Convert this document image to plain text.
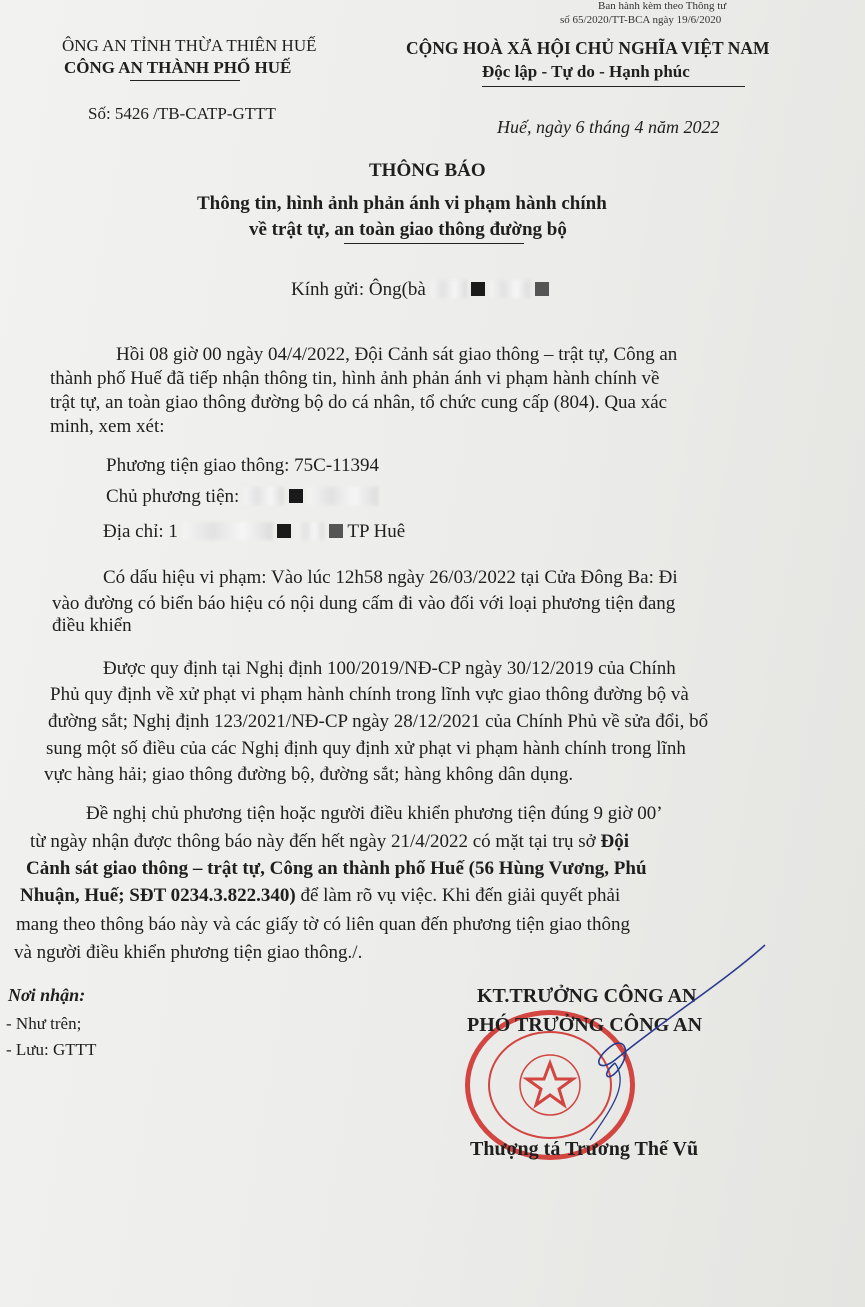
Ban hành kèm theo Thông tư
số 65/2020/TT-BCA ngày 19/6/2020
ÔNG AN TỈNH THỪA THIÊN HUẾ
CÔNG AN THÀNH PHỐ HUẾ
CỘNG HOÀ XÃ HỘI CHỦ NGHĨA VIỆT NAM
Độc lập - Tự do - Hạnh phúc
Số: 5426 /TB-CATP-GTTT
Huế, ngày 6 tháng 4 năm 2022
THÔNG BÁO
Thông tin, hình ảnh phản ánh vi phạm hành chính
về trật tự, an toàn giao thông đường bộ
Kính gửi: Ông(bà
Hồi 08 giờ 00 ngày 04/4/2022, Đội Cảnh sát giao thông – trật tự, Công an
thành phố Huế đã tiếp nhận thông tin, hình ảnh phản ánh vi phạm hành chính về
trật tự, an toàn giao thông đường bộ do cá nhân, tổ chức cung cấp (804). Qua xác
minh, xem xét:
Phương tiện giao thông: 75C-11394
Chủ phương tiện:
Địa chỉ: 1	TP Huê
Có dấu hiệu vi phạm: Vào lúc 12h58 ngày 26/03/2022 tại Cửa Đông Ba: Đi
vào đường có biển báo hiệu có nội dung cấm đi vào đối với loại phương tiện đang
điều khiển
Được quy định tại Nghị định 100/2019/NĐ-CP ngày 30/12/2019 của Chính
Phủ quy định về xử phạt vi phạm hành chính trong lĩnh vực giao thông đường bộ và
đường sắt; Nghị định 123/2021/NĐ-CP ngày 28/12/2021 của Chính Phủ về sửa đổi, bổ
sung một số điều của các Nghị định quy định xử phạt vi phạm hành chính trong lĩnh
vực hàng hải; giao thông đường bộ, đường sắt; hàng không dân dụng.
Đề nghị chủ phương tiện hoặc người điều khiển phương tiện đúng 9 giờ 00’
từ ngày nhận được thông báo này đến hết ngày 21/4/2022 có mặt tại trụ sở Đội
Cảnh sát giao thông – trật tự, Công an thành phố Huế (56 Hùng Vương, Phú
Nhuận, Huế; SĐT 0234.3.822.340) để làm rõ vụ việc. Khi đến giải quyết phải
mang theo thông báo này và các giấy tờ có liên quan đến phương tiện giao thông
và người điều khiển phương tiện giao thông./.
Nơi nhận:
- Như trên;
- Lưu: GTTT
KT.TRƯỞNG CÔNG AN
PHÓ TRƯỞNG CÔNG AN
Thượng tá Trương Thế Vũ
